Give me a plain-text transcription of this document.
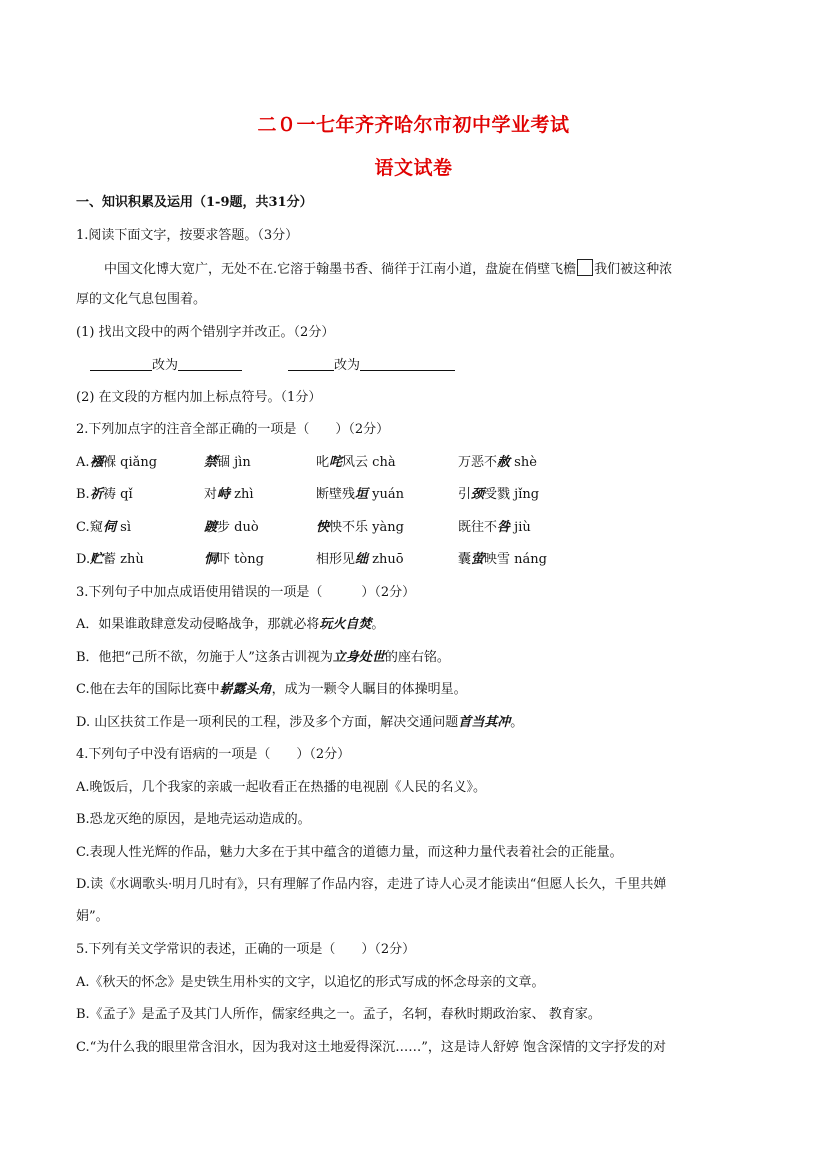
二０一七年齐齐哈尔市初中学业考试
语文试卷
一、知识积累及运用（1-9题，共31分）
1.阅读下面文字，按要求答题。（3分）
中国文化博大宽广，无处不在.它溶于翰墨书香、徜徉于江南小道，盘旋在俏壁飞檐 我们被这种浓
厚的文化气息包围着。
(1) 找出文段中的两个错别字并改正。（2分）
改为	改为
(2) 在文段的方框内加上标点符号。（1分）
2.下列加点字的注音全部正确的一项是（　　）（2分）
A. 襁褓 qiǎng	禁锢 jìn	叱咤风云 chà	万恶不赦 shè
B. 祈祷 qǐ	对峙 zhì	断壁残垣 yuán	引颈受戮 jǐng
C. 窥伺 sì	踱步 duò	怏怏不乐 yàng	既往不咎 jiù
D. 贮蓄 zhù	恫吓 tòng	相形见绌 zhuō	囊萤映雪 náng
3.下列句子中加点成语使用错误的一项是（　　　）（2分）
A．如果谁敢肆意发动侵略战争，那就必将玩火自焚。
B．他把“己所不欲，勿施于人”这条古训视为立身处世的座右铭。
C.他在去年的国际比赛中崭露头角，成为一颗令人瞩目的体操明星。
D. 山区扶贫工作是一项利民的工程，涉及多个方面，解决交通问题首当其冲。
4.下列句子中没有语病的一项是（　　）（2分）
A.晚饭后，几个我家的亲戚一起收看正在热播的电视剧《人民的名义》。
B.恐龙灭绝的原因，是地壳运动造成的。
C.表现人性光辉的作品，魅力大多在于其中蕴含的道德力量，而这种力量代表着社会的正能量。
D.读《水调歌头·明月几时有》，只有理解了作品内容，走进了诗人心灵才能读出“但愿人长久，千里共婵
娟”。
5.下列有关文学常识的表述，正确的一项是（　　）（2分）
A.《秋天的怀念》是史铁生用朴实的文字，以追忆的形式写成的怀念母亲的文章。
B.《孟子》是孟子及其门人所作，儒家经典之一。孟子，名轲，春秋时期政治家、 教育家。
C.“为什么我的眼里常含泪水，因为我对这土地爱得深沉……”，这是诗人舒婷 饱含深情的文字抒发的对
